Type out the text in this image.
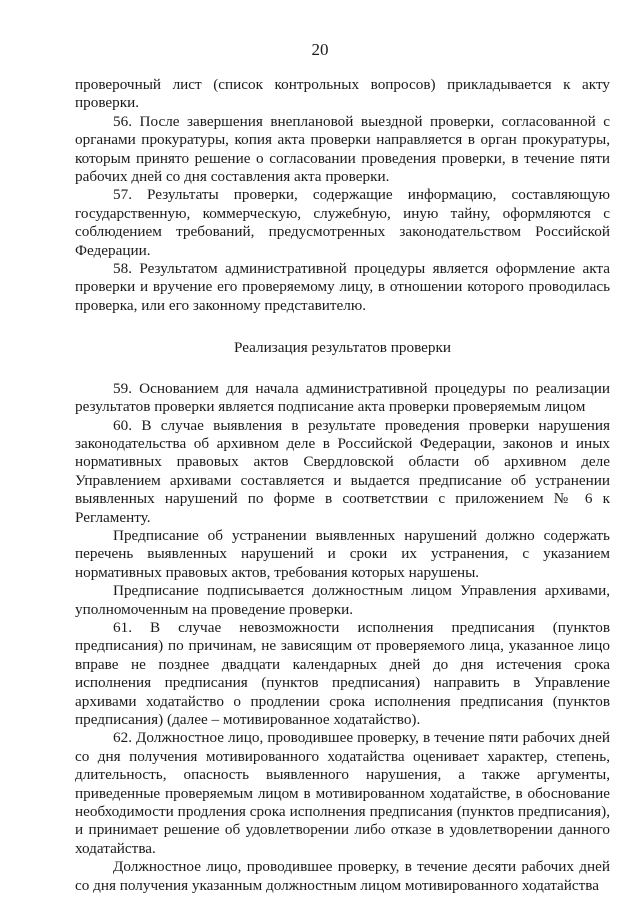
20

проверочный лист (список контрольных вопросов) прикладывается к акту проверки.

56. После завершения внеплановой выездной проверки, согласованной с органами прокуратуры, копия акта проверки направляется в орган прокуратуры, которым принято решение о согласовании проведения проверки, в течение пяти рабочих дней со дня составления акта проверки.

57. Результаты проверки, содержащие информацию, составляющую государственную, коммерческую, служебную, иную тайну, оформляются с соблюдением требований, предусмотренных законодательством Российской Федерации.

58. Результатом административной процедуры является оформление акта проверки и вручение его проверяемому лицу, в отношении которого проводилась проверка, или его законному представителю.

Реализация результатов проверки

59. Основанием для начала административной процедуры по реализации результатов проверки является подписание акта проверки проверяемым лицом

60. В случае выявления в результате проведения проверки нарушения законодательства об архивном деле в Российской Федерации, законов и иных нормативных правовых актов Свердловской области об архивном деле Управлением архивами составляется и выдается предписание об устранении выявленных нарушений по форме в соответствии с приложением № 6 к Регламенту.

Предписание об устранении выявленных нарушений должно содержать перечень выявленных нарушений и сроки их устранения, с указанием нормативных правовых актов, требования которых нарушены.

Предписание подписывается должностным лицом Управления архивами, уполномоченным на проведение проверки.

61. В случае невозможности исполнения предписания (пунктов предписания) по причинам, не зависящим от проверяемого лица, указанное лицо вправе не позднее двадцати календарных дней до дня истечения срока исполнения предписания (пунктов предписания) направить в Управление архивами ходатайство о продлении срока исполнения предписания (пунктов предписания) (далее – мотивированное ходатайство).

62. Должностное лицо, проводившее проверку, в течение пяти рабочих дней со дня получения мотивированного ходатайства оценивает характер, степень, длительность, опасность выявленного нарушения, а также аргументы, приведенные проверяемым лицом в мотивированном ходатайстве, в обоснование необходимости продления срока исполнения предписания (пунктов предписания), и принимает решение об удовлетворении либо отказе в удовлетворении данного ходатайства.

Должностное лицо, проводившее проверку, в течение десяти рабочих дней со дня получения указанным должностным лицом мотивированного ходатайства
